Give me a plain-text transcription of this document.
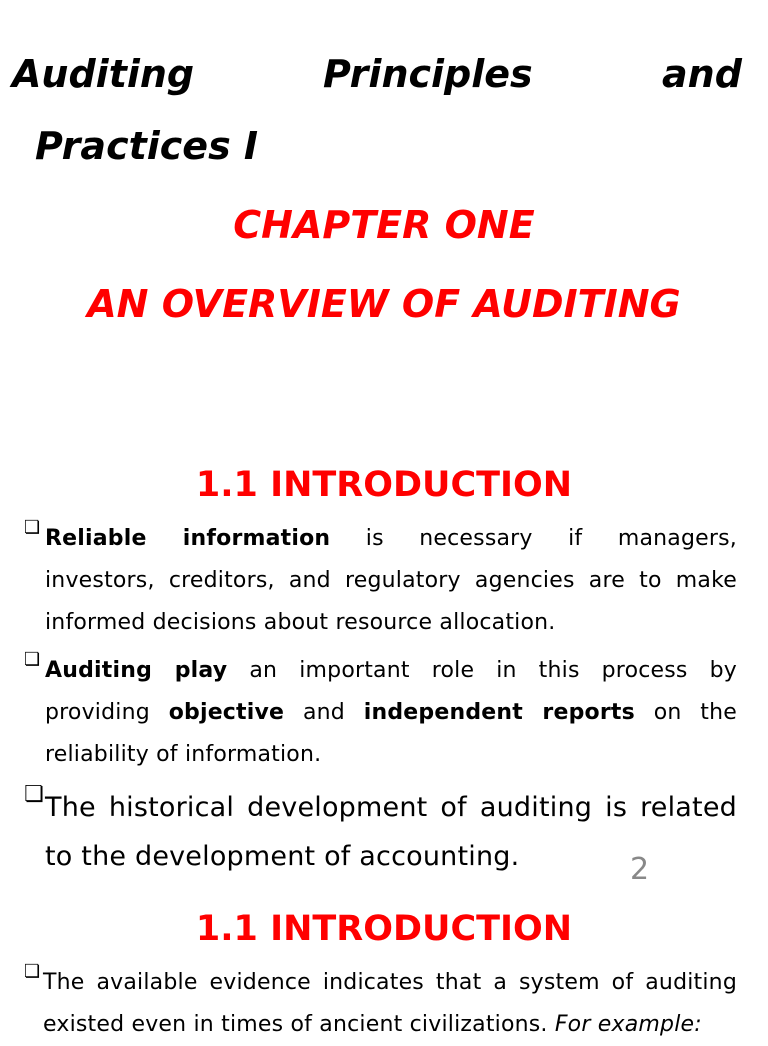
Auditing	Principles	and
Practices I
CHAPTER ONE
AN OVERVIEW OF AUDITING
1.1 INTRODUCTION
❏ Reliable information is necessary if managers,
investors, creditors, and regulatory agencies are to make
informed decisions about resource allocation.
❏ Auditing play an important role in this process by
providing objective and independent reports on the
reliability of information.
❏ The historical development of auditing is related
to the development of accounting.	2
1.1 INTRODUCTION
❏ The available evidence indicates that a system of auditing
existed even in times of ancient civilizations. For example:
